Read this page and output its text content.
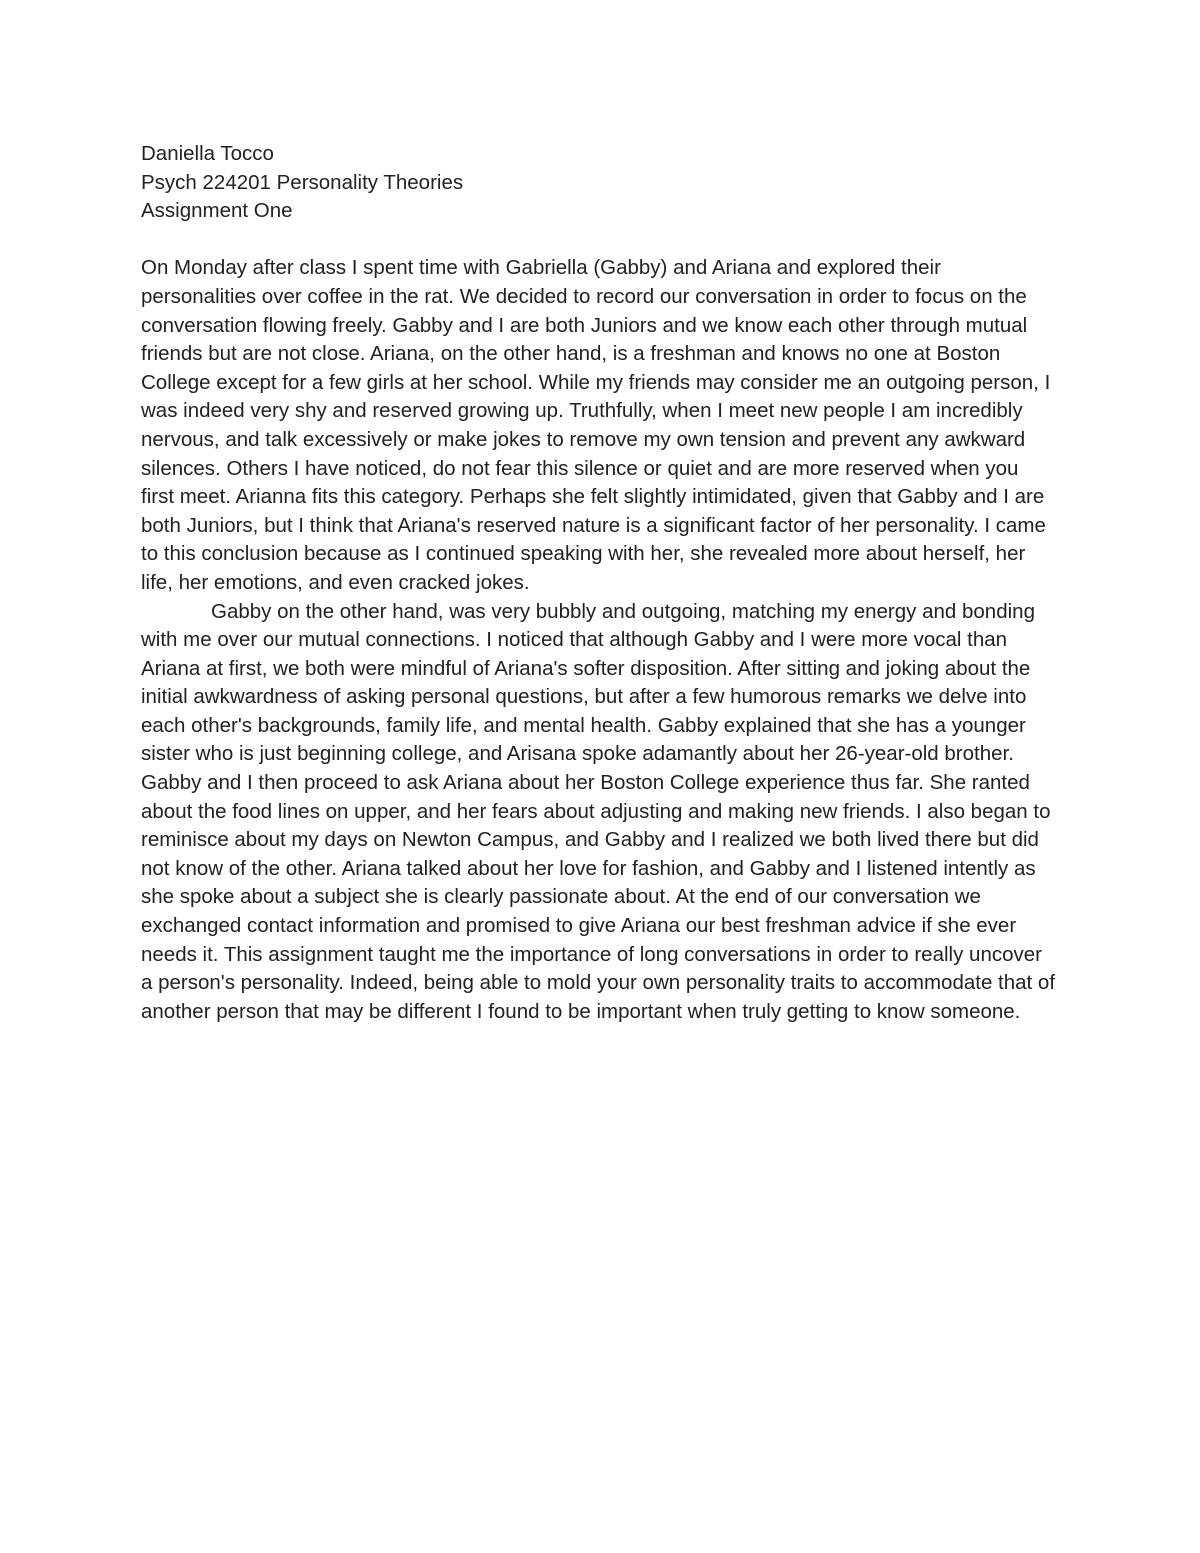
Daniella Tocco
Psych 224201 Personality Theories
Assignment One

On Monday after class I spent time with Gabriella (Gabby) and Ariana and explored their personalities over coffee in the rat. We decided to record our conversation in order to focus on the conversation flowing freely. Gabby and I are both Juniors and we know each other through mutual friends but are not close. Ariana, on the other hand, is a freshman and knows no one at Boston College except for a few girls at her school. While my friends may consider me an outgoing person, I was indeed very shy and reserved growing up. Truthfully, when I meet new people I am incredibly nervous, and talk excessively or make jokes to remove my own tension and prevent any awkward silences. Others I have noticed, do not fear this silence or quiet and are more reserved when you first meet. Arianna fits this category. Perhaps she felt slightly intimidated, given that Gabby and I are both Juniors, but I think that Ariana's reserved nature is a significant factor of her personality. I came to this conclusion because as I continued speaking with her, she revealed more about herself, her life, her emotions, and even cracked jokes.

Gabby on the other hand, was very bubbly and outgoing, matching my energy and bonding with me over our mutual connections. I noticed that although Gabby and I were more vocal than Ariana at first, we both were mindful of Ariana's softer disposition. After sitting and joking about the initial awkwardness of asking personal questions, but after a few humorous remarks we delve into each other's backgrounds, family life, and mental health. Gabby explained that she has a younger sister who is just beginning college, and Arisana spoke adamantly about her 26-year-old brother. Gabby and I then proceed to ask Ariana about her Boston College experience thus far. She ranted about the food lines on upper, and her fears about adjusting and making new friends. I also began to reminisce about my days on Newton Campus, and Gabby and I realized we both lived there but did not know of the other. Ariana talked about her love for fashion, and Gabby and I listened intently as she spoke about a subject she is clearly passionate about. At the end of our conversation we exchanged contact information and promised to give Ariana our best freshman advice if she ever needs it. This assignment taught me the importance of long conversations in order to really uncover a person's personality. Indeed, being able to mold your own personality traits to accommodate that of another person that may be different I found to be important when truly getting to know someone.
